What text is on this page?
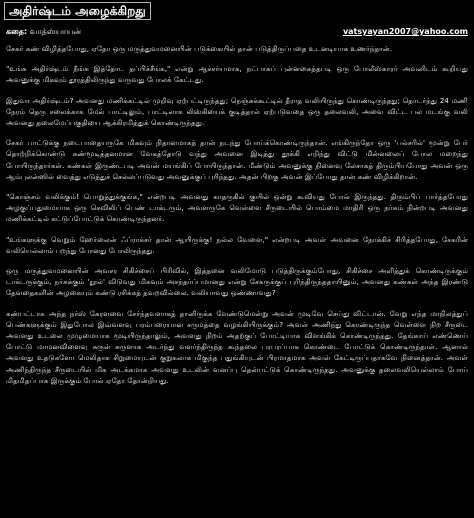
அதிர்ஷ்டம் அழைக்கிறது
கதை: வாத்ஸ்யாயன்	vatsyayan2007@yahoo.com

சேகர் கண் விழித்தபோது, ஏதோ ஒரு மருத்துவமனையின் படுக்கையில் தான் படுத்திருப்பதை உடனடியாக உணர்ந்தான்.

"உங்க அதிர்ஷ்டம் நீங்க இத்தோட தப்பிச்சீங்க," என்று ஆச்சர்யமாக, நட்பாகப் புன்னகைத்தபடி ஒரு போலீஸ்காரர் அவனிடம் கூறியது அவனுக்கு மிகவும் தூரத்திலிருந்து வருவது போலக் கேட்டது.

இதுவா அதிர்ஷ்டம்? அவனது மணிக்கட்டில் முறிவு ஏற்பட்டிருந்தது; நெஞ்சுக்கூட்டில் தீராத வலியிருந்து கொண்டிருந்தது; தொடர்ந்து 24 மணி நேரம் தெரு சலைக்காக மேல் பாட்டிலும், பாட்டிலாக லிஸ்கியைக் குடித்தால் ஏற்படுவதை ஒரு தலைவலி, அவை விட்ட பல மடங்கு வலி அவனது தலைமேப்பகுதியை ஆக்கிரமித்துக் கொண்டிருந்தது.

சேகர் பாட்டுக்கு நடைபாதையருகே மிகவும் நிதானமாகத் தான் நடந்து போய்க்கொண்டிருந்தான். எங்கிருந்தோ ஒரு 'பல்சரில்' மூன்று பேர் தொற்றிக்கொண்டு கண்மூடித்தனமான வேகத்தோடு வந்து அவனை இடித்து தூக்கி எறிந்து விட்டு மின்னலைப் போல மறைந்து போயிருந்தார்கள். கண்கள் இருண்டபடி அவன் மயங்கிப் போயிருந்தான். மீண்டும் அவனுக்கு நினைவு லேசாகத் திரும்பியபோது அவன் ஒரு ஆம்புலன்ஸில் வைத்து எடுத்துச் செல்லப்படுவது அவனுக்குப் புரிந்தது. அதன் பிறகு அவன் இப்போது தான் கண் விழிக்கிறான்.

"கொஞ்சம் வலிக்கும்! பொறுத்துக்குங்க," என்றபடி அவனது காதருகில் குயில் ஒன்று கூவியது போல் இருந்தது. திரும்பிப் பார்த்தபோது அழகுப்பதுமையாக ஒரு செவிலிப் பெண் டாக்டரும், அவளருகே வெள்ளை சீருடையில் பொம்மை மாதிரி ஒரு நர்சும் நின்றபடி அவனது மணிக்கட்டில் கட்டுப்போட்டுக் கொண்டிருந்தனர்.

"உங்களுக்கு வெறும் ஹேர்லைன் ஃப்ராக்சர் தான் ஆயிருக்கு! நல்ல வேளை," என்றபடி அவள் அவனை நோக்கிச் சிரித்தபோது, சேகரின் வலியெல்லாம் பறந்து போனது போலிருந்தது.

ஒரு மருத்துவமனையின் அவசர சிகிச்சைப் பிரிவில், இத்தனை வலிமோடு படுத்திருக்கும்போது, சிகிச்சை அளித்துக் கொண்டிருக்கும் டாக்டருக்கும், நர்சுக்கும் 'நூல்' விடுவது மிகவும் அசந்தர்ப்பமானது என்று சேகருக்குப் புரிந்திருந்ததாயினும், அவனது கண்கள் அந்த இரண்டு தேவதைகளின் அழகையும் கண்டு ரசிக்கத் தவறவில்லை. வலியாவது ஒண்ணாவது?

கண்பட்டாக அந்த நர்ஸ் கேரளவை சேர்ந்தவளாகத் தானிருக்க வேண்டுமென்று அவன் முடிவே செய்து விட்டான். வேறு எந்த மாநிலத்துப் பெண்களுக்கும் இதுபோல இவ்வளவு பரம்பரையான சருமத்தை வழங்கியிருக்கும்? அவள் அணிந்து கொண்டிருந்த வெள்ளை நிற சீருடை அவளது உடலை முழுமையாக மூடியிருந்தாலும், அவளது நிறம் அதற்குப் போட்டியாக விளங்கிக் கொண்டிருந்தது. தேங்காய் எண்ணெய் போட்டு மாமனவிளைவு சுருள் சுருளாக அடர்ந்து வளர்ந்திருந்த கூந்தலை பரபரப்பாக கொண்டை போட்டுக் கொண்டிருந்தாள். ஆனால் அவளது உதடுகளோ மெலிதாக சிறுமையுடன் குறுகலாக மிகுந்த பதுங்கியுடன் பிரமாதமாக அவள் கேட்டிருப்பதாகவே நினைத்தான். அவள் அணிந்திருந்த சீருடையில் மிக அடக்கமாக அவளது உடலின் வனப்பு தென்பட்டுக் கொண்டிருந்தது. அவனுக்கு தலைவலியெல்லாம் போய் மிதமிதப்பாக இருக்கும் போல் ஏதோ தோன்றியது.
